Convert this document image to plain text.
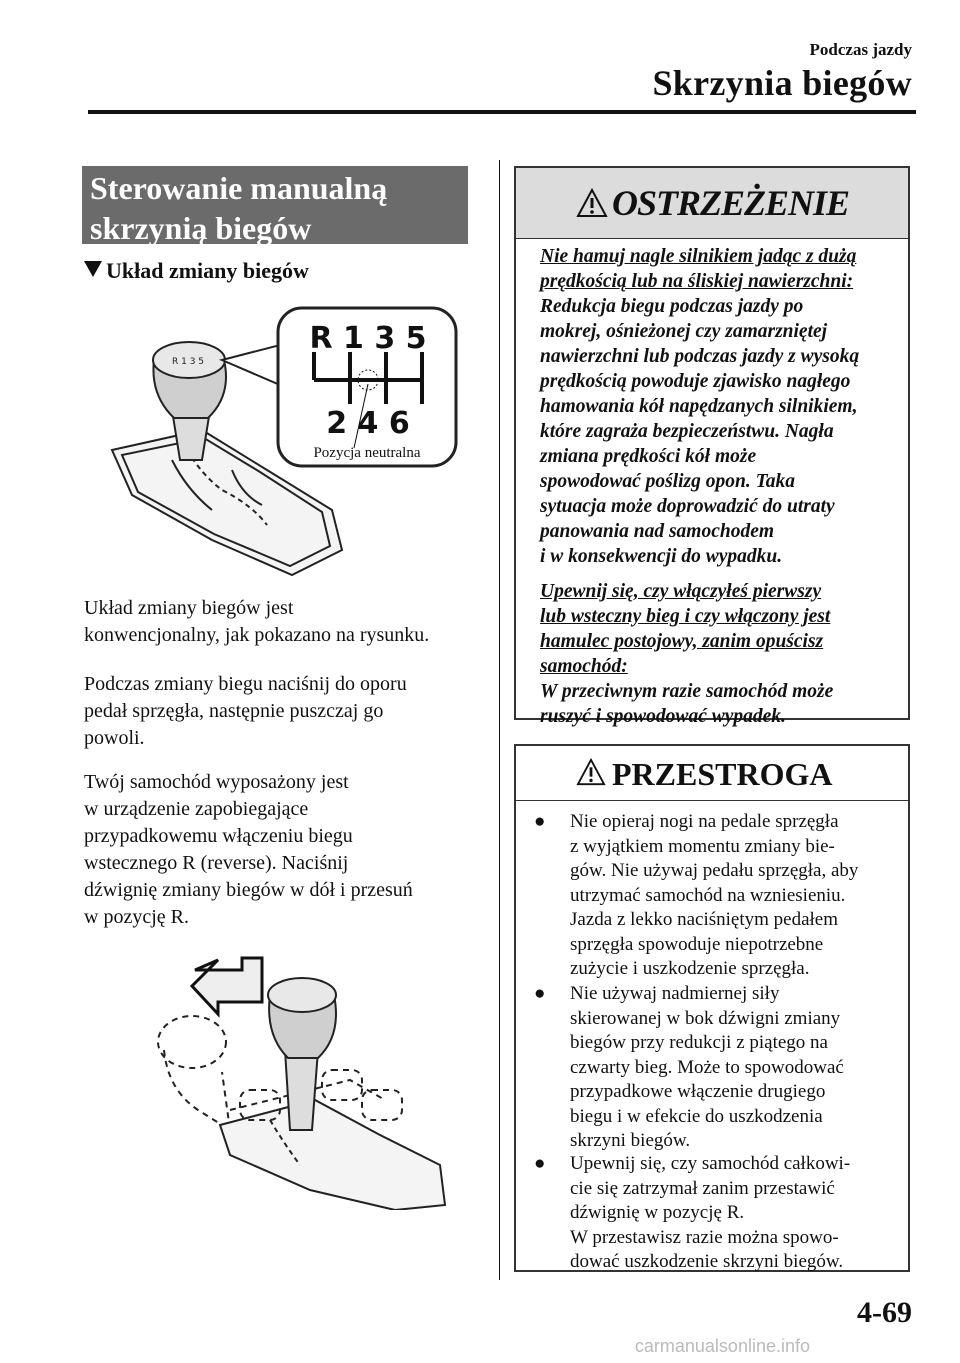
Podczas jazdy
Skrzynia biegów
Sterowanie manualną
skrzynią biegów
Układ zmiany biegów
R 1 3 5
R 1 3 5
2 4 6
Pozycja neutralna
Układ zmiany biegów jest
konwencjonalny, jak pokazano na rysunku.
Podczas zmiany biegu naciśnij do oporu
pedał sprzęgła, następnie puszczaj go
powoli.
Twój samochód wyposażony jest
w urządzenie zapobiegające
przypadkowemu włączeniu biegu
wstecznego R (reverse). Naciśnij
dźwignię zmiany biegów w dół i przesuń
w pozycję R.
OSTRZEŻENIE
Nie hamuj nagle silnikiem jadąc z dużą
prędkością lub na śliskiej nawierzchni:
Redukcja biegu podczas jazdy po
mokrej, ośnieżonej czy zamarzniętej
nawierzchni lub podczas jazdy z wysoką
prędkością powoduje zjawisko nagłego
hamowania kół napędzanych silnikiem,
które zagraża bezpieczeństwu. Nagła
zmiana prędkości kół może
spowodować poślizg opon. Taka
sytuacja może doprowadzić do utraty
panowania nad samochodem
i w konsekwencji do wypadku.
Upewnij się, czy włączyłeś pierwszy
lub wsteczny bieg i czy włączony jest
hamulec postojowy, zanim opuścisz
samochód:
W przeciwnym razie samochód może
ruszyć i spowodować wypadek.
PRZESTROGA
● Nie opieraj nogi na pedale sprzęgła
z wyjątkiem momentu zmiany bie-
gów. Nie używaj pedału sprzęgła, aby
utrzymać samochód na wzniesieniu.
Jazda z lekko naciśniętym pedałem
sprzęgła spowoduje niepotrzebne
zużycie i uszkodzenie sprzęgła.
● Nie używaj nadmiernej siły
skierowanej w bok dźwigni zmiany
biegów przy redukcji z piątego na
czwarty bieg. Może to spowodować
przypadkowe włączenie drugiego
biegu i w efekcie do uszkodzenia
skrzyni biegów.
● Upewnij się, czy samochód całkowi-
cie się zatrzymał zanim przestawić
dźwignię w pozycję R.
W przestawisz razie można spowo-
dować uszkodzenie skrzyni biegów.
4-69
carmanualsonline.info
